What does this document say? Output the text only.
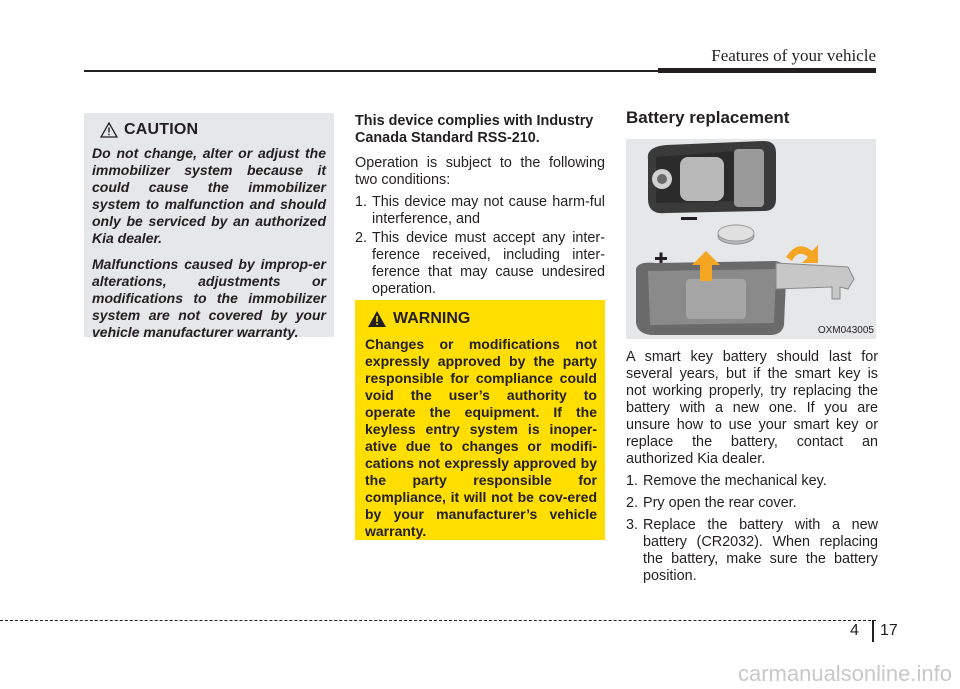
Features of your vehicle
CAUTION

Do not change, alter or adjust the immobilizer system because it could cause the immobilizer system to malfunction and should only be serviced by an authorized Kia dealer.

Malfunctions caused by improp-er alterations, adjustments or modifications to the immobilizer system are not covered by your vehicle manufacturer warranty.

This device complies with Industry Canada Standard RSS-210.

Operation is subject to the following two conditions:

1. This device may not cause harm-ful interference, and
2. This device must accept any inter-ference received, including inter-ference that may cause undesired operation.
WARNING

Changes or modifications not expressly approved by the party responsible for compliance could void the user’s authority to operate the equipment. If the keyless entry system is inoper-ative due to changes or modifi-cations not expressly approved by the party responsible for compliance, it will not be cov-ered by your manufacturer’s vehicle warranty.

Battery replacement
OXM043005

A smart key battery should last for several years, but if the smart key is not working properly, try replacing the battery with a new one. If you are unsure how to use your smart key or replace the battery, contact an authorized Kia dealer.

1. Remove the mechanical key.
2. Pry open the rear cover.
3. Replace the battery with a new battery (CR2032). When replacing the battery, make sure the battery position.
4 17
carmanualsonline.info
